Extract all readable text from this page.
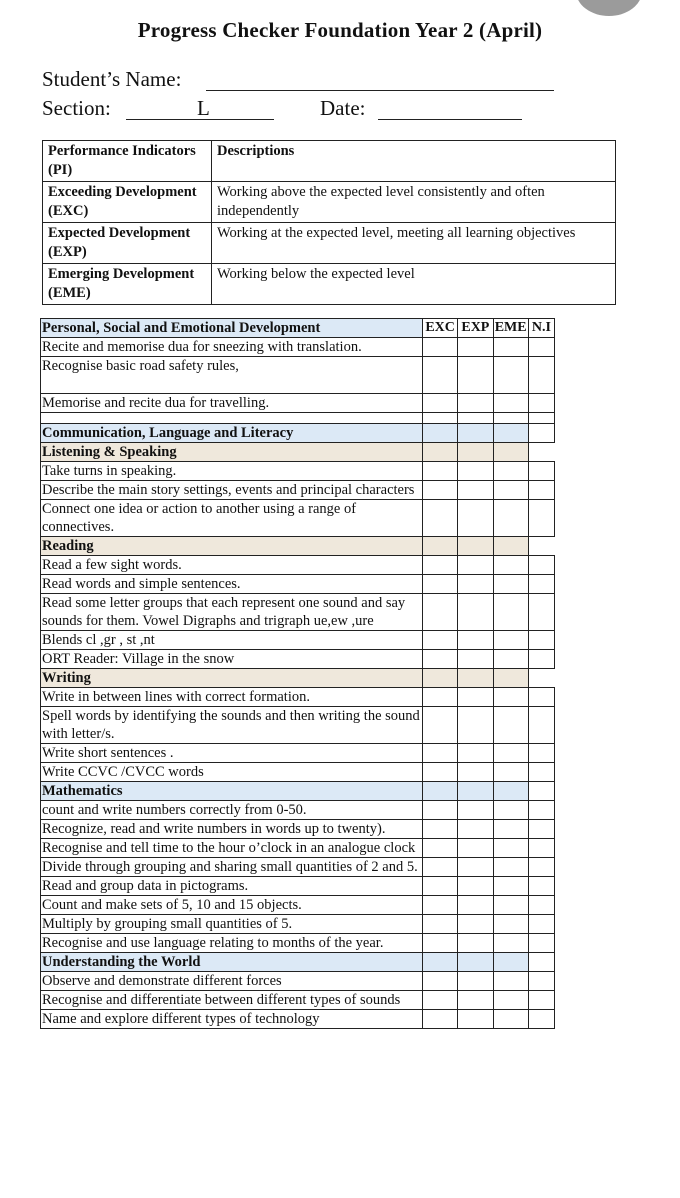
Progress Checker Foundation Year 2 (April)
Student’s Name:
Section:	L	Date:
Performance Indicators (PI)	Descriptions
Exceeding Development (EXC)	Working above the expected level consistently and often independently
Expected Development (EXP)	Working at the expected level, meeting all learning objectives
Emerging Development (EME)	Working below the expected level
Personal, Social and Emotional Development	EXC	EXP	EME	N.I
Recite and memorise dua for sneezing with translation.				
Recognise basic road safety rules,				
Memorise and recite dua for travelling.				

Communication, Language and Literacy				
Listening & Speaking				
Take turns in speaking.				
Describe the main story settings, events and principal characters				
Connect one idea or action to another using a range of connectives.				
Reading				
Read a few sight words.				
Read words and simple sentences.				
Read some letter groups that each represent one sound and say sounds for them. Vowel Digraphs and trigraph ue,ew ,ure				
Blends cl ,gr , st ,nt				
ORT Reader: Village in the snow				
Writing				
Write in between lines with correct formation.				
Spell words by identifying the sounds and then writing the sound with letter/s.				
Write short sentences .				
Write CCVC /CVCC words				
Mathematics				
count and write numbers correctly from 0-50.				
Recognize, read and write numbers in words up to twenty).				
Recognise and tell time to the hour o’clock in an analogue clock				
Divide through grouping and sharing small quantities of 2 and 5.				
Read and group data in pictograms.				
Count and make sets of 5, 10 and 15 objects.				
Multiply by grouping small quantities of 5.				
Recognise and use language relating to months of the year.				
Understanding the World				
Observe and demonstrate different forces				
Recognise and differentiate between different types of sounds				
Name and explore different types of technology				
